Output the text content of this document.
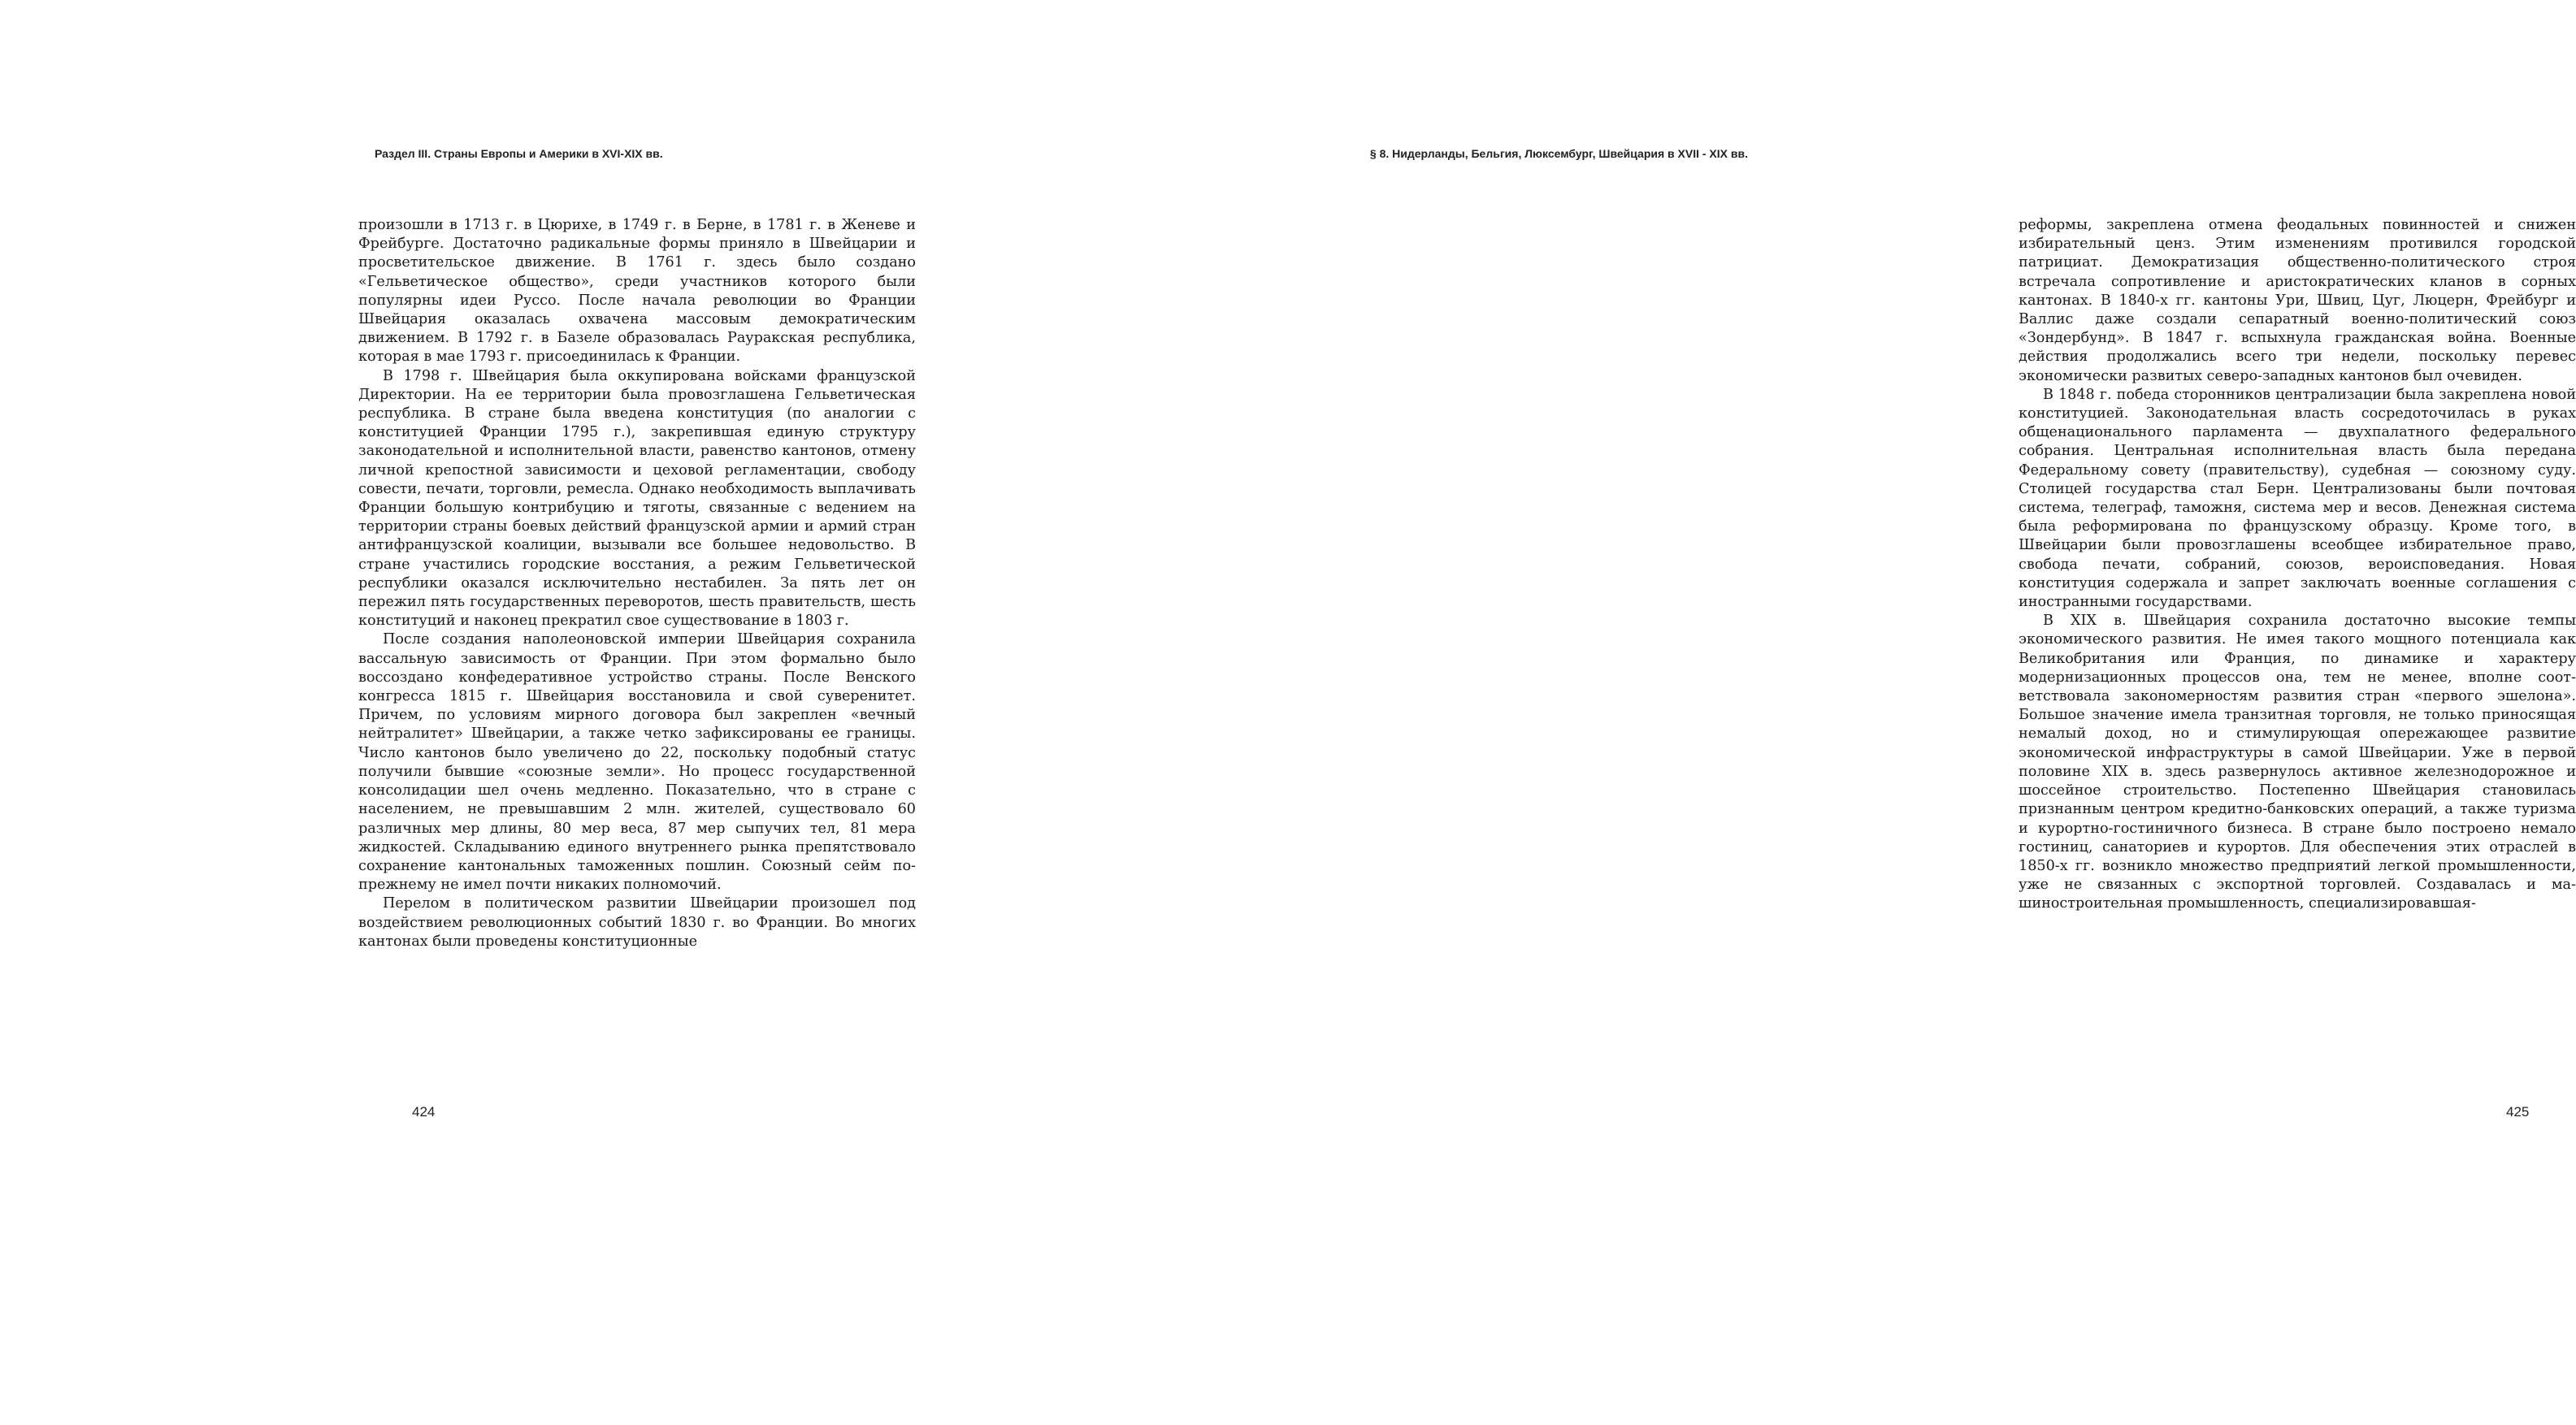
Раздел III. Страны Европы и Америки в XVI-XIX вв.

произошли в 1713 г. в Цюрихе, в 1749 г. в Берне, в 1781 г. в Женеве и Фрейбурге. Достаточно радикальные формы приняло в Швейцарии и просветительское движение. В 1761 г. здесь было создано «Гельветическое общество», среди участников которого были популярны идеи Руссо. После начала революции во Франции Швейцария оказалась охвачена массовым демократическим движением. В 1792 г. в Базеле образовалась Рауракская республика, которая в мае 1793 г. присоединилась к Франции.

В 1798 г. Швейцария была оккупирована войсками французской Директории. На ее территории была провозглашена Гельветическая республика. В стране была введена конституция (по аналогии с конституцией Франции 1795 г.), закрепившая единую структуру законодательной и исполнительной власти, равенство кантонов, отмену личной крепостной зависимости и цеховой регламентации, свободу совести, печати, торговли, ремесла. Однако необходимость выплачивать Франции большую контрибуцию и тяготы, связанные с ведением на территории страны боевых действий французской армии и армий стран антифранцузской коалиции, вызывали все большее недовольство. В стране участились городские восстания, а режим Гельветической республики оказался исключительно нестабилен. За пять лет он пережил пять государственных переворотов, шесть правительств, шесть конституций и наконец прекратил свое существование в 1803 г.

После создания наполеоновской империи Швейцария сохранила вассальную зависимость от Франции. При этом формально было воссоздано конфедеративное устройство страны. После Венского конгресса 1815 г. Швейцария восстановила и свой суверенитет. Причем, по условиям мирного договора был закреплен «вечный нейтралитет» Швейцарии, а также четко зафиксированы ее границы. Число кантонов было увеличено до 22, поскольку подобный статус получили бывшие «союзные земли». Но процесс государственной консолидации шел очень медленно. Показательно, что в стране с населением, не превышавшим 2 млн. жителей, существовало 60 различных мер длины, 80 мер веса, 87 мер сыпучих тел, 81 мера жидкостей. Складыванию единого внутреннего рынка препятствовало сохранение кантональных таможенных пошлин. Союзный сейм по-прежнему не имел почти никаких полномочий.

Перелом в политическом развитии Швейцарии произошел под воздействием революционных событий 1830 г. во Франции. Во многих кантонах были проведены конституционные

424
§ 8. Нидерланды, Бельгия, Люксембург, Швейцария в XVII - XIX вв.

реформы, закреплена отмена феодальных повинностей и снижен избирательный ценз. Этим изменениям противился городской патрициат. Демократизация общественно-политического строя встречала сопротивление и аристократических кланов в сорных кантонах. В 1840-х гг. кантоны Ури, Швиц, Цуг, Люцерн, Фрейбург и Валлис даже создали сепаратный военно-политический союз «Зондербунд». В 1847 г. вспыхнула гражданская война. Военные действия продолжались всего три недели, поскольку перевес экономически развитых северо-западных кантонов был очевиден.

В 1848 г. победа сторонников централизации была закреплена новой конституцией. Законодательная власть сосредоточилась в руках общенационального парламента — двухпалатного федерального собрания. Центральная исполнительная власть была передана Федеральному совету (правительству), судебная — союзному суду. Столицей государства стал Берн. Централизованы были почтовая система, телеграф, таможня, система мер и весов. Денежная система была реформирована по французскому образцу. Кроме того, в Швейцарии были провозглашены всеобщее избирательное право, свобода печати, собраний, союзов, вероисповедания. Новая конституция содержала и запрет заключать военные соглашения с иностранными государствами.

В XIX в. Швейцария сохранила достаточно высокие темпы экономического развития. Не имея такого мощного потенциала как Великобритания или Франция, по динамике и характеру модернизационных процессов она, тем не менее, вполне соответствовала закономерностям развития стран «первого эшелона». Большое значение имела транзитная торговля, не только приносящая немалый доход, но и стимулирующая опережающее развитие экономической инфраструктуры в самой Швейцарии. Уже в первой половине XIX в. здесь развернулось активное железнодорожное и шоссейное строительство. Постепенно Швейцария становилась признанным центром кредитно-банковских операций, а также туризма и курортно-гостиничного бизнеса. В стране было построено немало гостиниц, санаториев и курортов. Для обеспечения этих отраслей в 1850-х гг. возникло множество предприятий легкой промышленности, уже не связанных с экспортной торговлей. Создавалась и машиностроительная промышленность, специализировавшая-

425
